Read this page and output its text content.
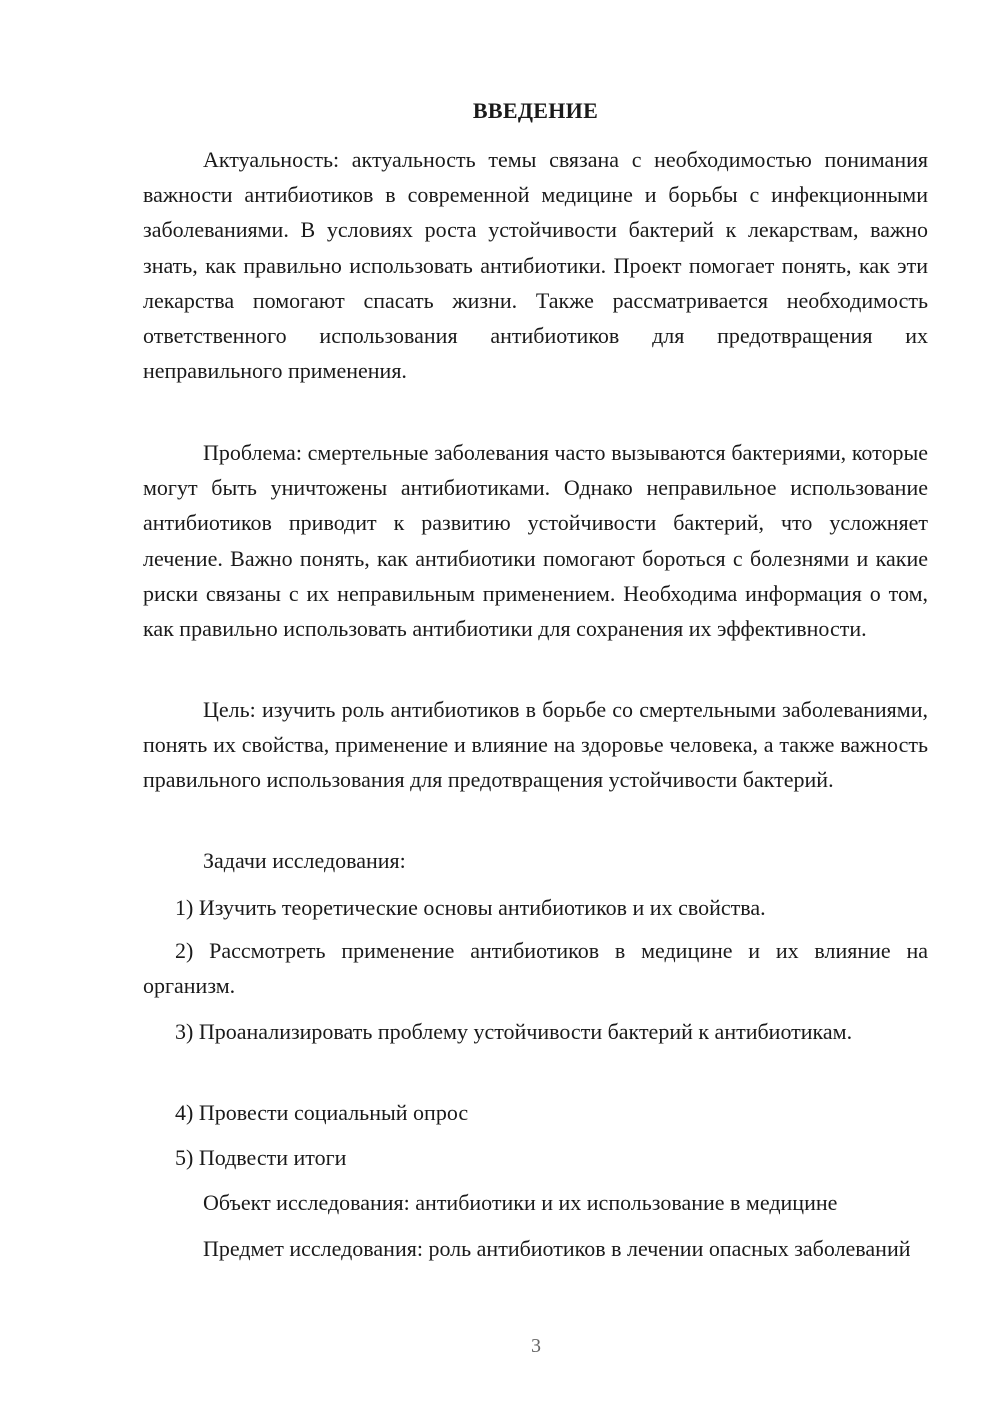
ВВЕДЕНИЕ

Актуальность: актуальность темы связана с необходимостью понимания важности антибиотиков в современной медицине и борьбы с инфекционными заболеваниями. В условиях роста устойчивости бактерий к лекарствам, важно знать, как правильно использовать антибиотики. Проект помогает понять, как эти лекарства помогают спасать жизни. Также рассматривается необходимость ответственного использования антибиотиков для предотвращения их неправильного применения.

Проблема: смертельные заболевания часто вызываются бактериями, которые могут быть уничтожены антибиотиками. Однако неправильное использование антибиотиков приводит к развитию устойчивости бактерий, что усложняет лечение. Важно понять, как антибиотики помогают бороться с болезнями и какие риски связаны с их неправильным применением. Необходима информация о том, как правильно использовать антибиотики для сохранения их эффективности.

Цель: изучить роль антибиотиков в борьбе со смертельными заболеваниями, понять их свойства, применение и влияние на здоровье человека, а также важность правильного использования для предотвращения устойчивости бактерий.

Задачи исследования:

1) Изучить теоретические основы антибиотиков и их свойства.

2) Рассмотреть применение антибиотиков в медицине и их влияние на организм.

3) Проанализировать проблему устойчивости бактерий к антибиотикам.

4) Провести социальный опрос

5) Подвести итоги

Объект исследования: антибиотики и их использование в медицине

Предмет исследования: роль антибиотиков в лечении опасных заболеваний

3
